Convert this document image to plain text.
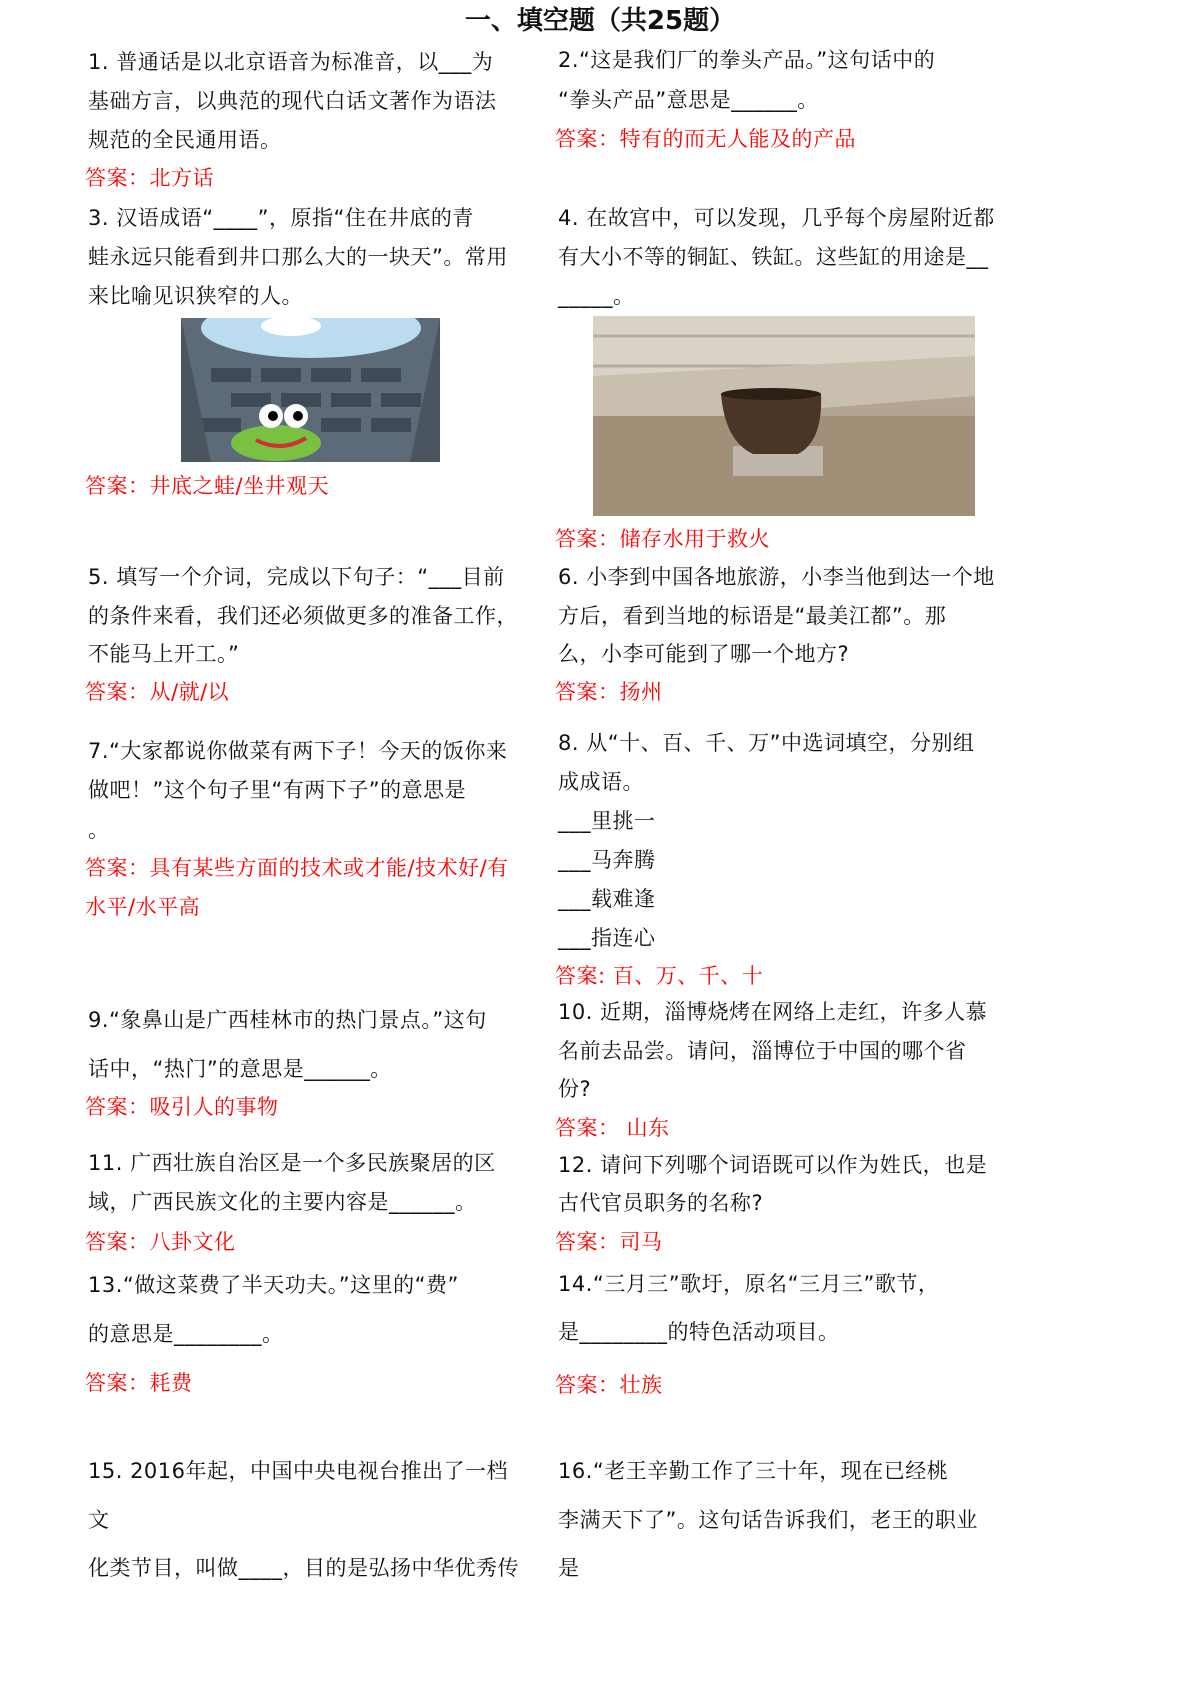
一、填空题（共25题）
1. 普通话是以北京语音为标准音，以___为
基础方言，以典范的现代白话文著作为语法
规范的全民通用语。
答案：北方话
3. 汉语成语“____”，原指“住在井底的青
蛙永远只能看到井口那么大的一块天”。常用
来比喻见识狭窄的人。
答案：井底之蛙/坐井观天
5. 填写一个介词，完成以下句子：“___目前
的条件来看，我们还必须做更多的准备工作，
不能马上开工。”
答案：从/就/以
7.“大家都说你做菜有两下子！今天的饭你来
做吧！”这个句子里“有两下子”的意思是
。
答案：具有某些方面的技术或才能/技术好/有
水平/水平高
9.“象鼻山是广西桂林市的热门景点。”这句
话中，“热门”的意思是______。
答案：吸引人的事物
11. 广西壮族自治区是一个多民族聚居的区
域，广西民族文化的主要内容是______。
答案：八卦文化
13.“做这菜费了半天功夫。”这里的“费”
的意思是________。
答案：耗费
15. 2016年起，中国中央电视台推出了一档
文
化类节目，叫做____，目的是弘扬中华优秀传
2.“这是我们厂的拳头产品。”这句话中的
“拳头产品”意思是______。
答案：特有的而无人能及的产品
4. 在故宫中，可以发现，几乎每个房屋附近都
有大小不等的铜缸、铁缸。这些缸的用途是__
_____。
答案：储存水用于救火
6. 小李到中国各地旅游，小李当他到达一个地
方后，看到当地的标语是“最美江都”。那
么，小李可能到了哪一个地方?
答案：扬州
8. 从“十、百、千、万”中选词填空，分别组
成成语。
___里挑一
___马奔腾
___载难逢
___指连心
答案: 百、万、千、十
10. 近期，淄博烧烤在网络上走红，许多人慕
名前去品尝。请问，淄博位于中国的哪个省
份?
答案： 山东
12. 请问下列哪个词语既可以作为姓氏，也是
古代官员职务的名称?
答案：司马
14.“三月三”歌圩，原名“三月三”歌节，
是________的特色活动项目。
答案：壮族
16.“老王辛勤工作了三十年，现在已经桃
李满天下了”。这句话告诉我们，老王的职业
是
